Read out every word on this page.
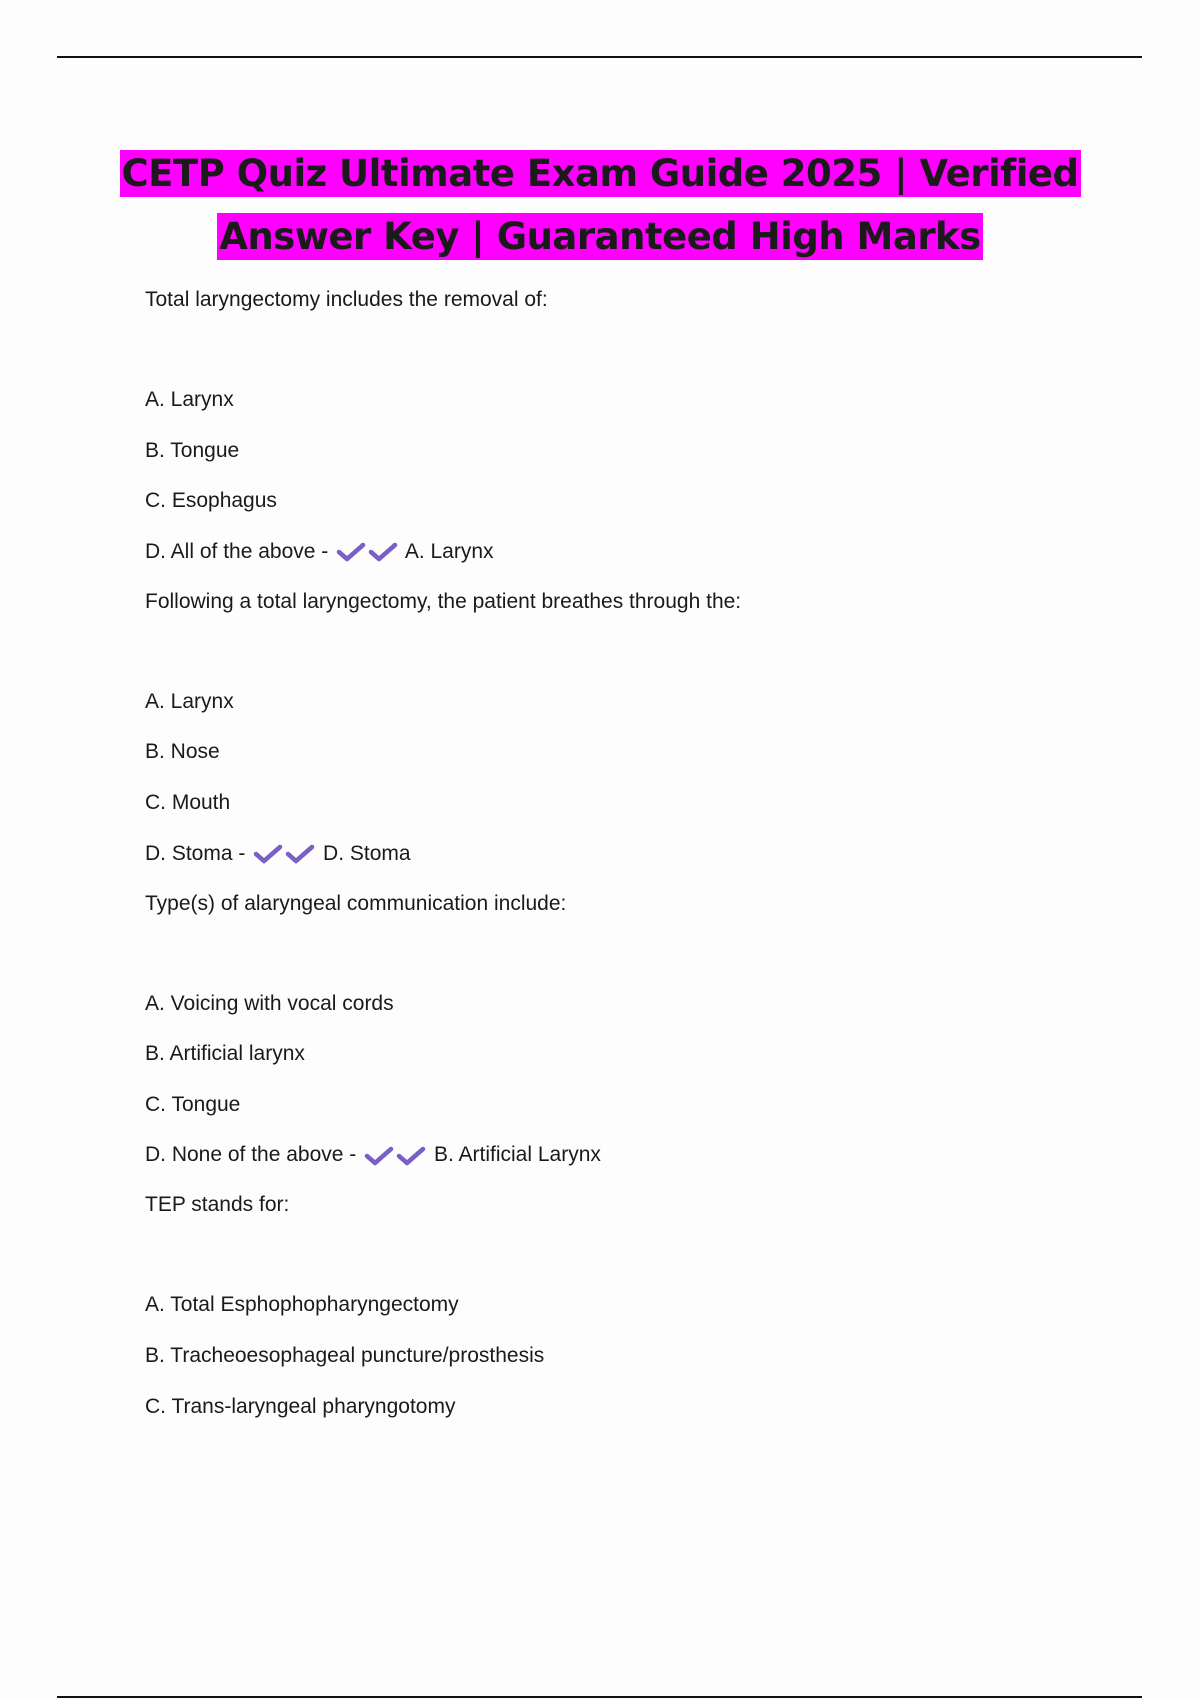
CETP Quiz Ultimate Exam Guide 2025 | Verified
Answer Key | Guaranteed High Marks
Total laryngectomy includes the removal of:
A. Larynx
B. Tongue
C. Esophagus
D. All of the above -	A. Larynx
Following a total laryngectomy, the patient breathes through the:
A. Larynx
B. Nose
C. Mouth
D. Stoma -	D. Stoma
Type(s) of alaryngeal communication include:
A. Voicing with vocal cords
B. Artificial larynx
C. Tongue
D. None of the above -	B. Artificial Larynx
TEP stands for:
A. Total Esphophopharyngectomy
B. Tracheoesophageal puncture/prosthesis
C. Trans-laryngeal pharyngotomy
